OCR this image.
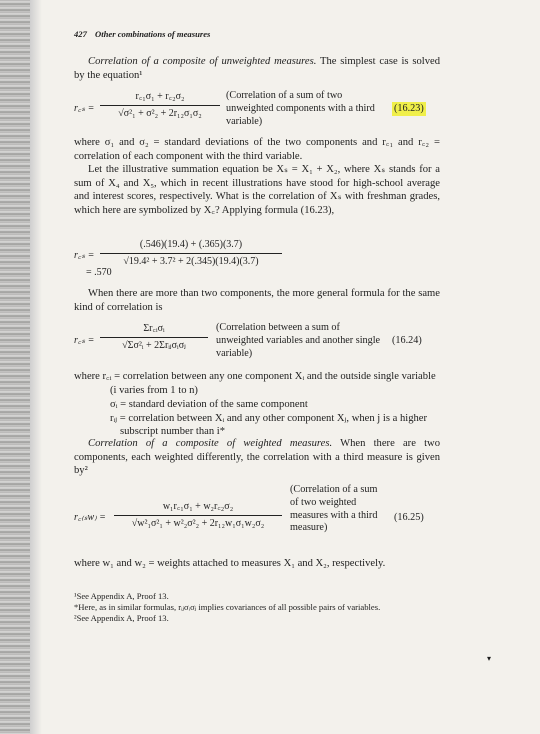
427 Other combinations of measures
Correlation of a composite of unweighted measures. The simplest case is solved by the equation¹
r꜀ₛ = $\frac{\text{r꜀₁σ₁ + r꜀₂σ₂}}{\text{√σ²₁ + σ²₂ + 2r₁₂σ₁σ₂}}$ (Correlation of a sum of two unweighted components with a third variable)
(16.23)
where σ₁ and σ₂ = standard deviations of the two components and r꜀₁ and r꜀₂ = correlation of each component with the third variable.
Let the illustrative summation equation be Xₛ = X₁ + X₂, where Xₛ stands for a sum of X₄ and X₅, which in recent illustrations have stood for high-school average and interest scores, respectively. What is the correlation of Xₛ with freshman grades, which here are symbolized by X꜀? Applying formula (16.23),
r꜀ₛ = $\frac{(.546)(19.4) + (.365)(3.7)}{\text{√19.4² + 3.7² + 2(.345)(19.4)(3.7)}}$
= .570
When there are more than two components, the more general formula for the same kind of correlation is
r꜀ₛ =
Σr꜀ᵢσᵢ
√Σσ²ᵢ + 2Σrᵢⱼσᵢσⱼ
(Correlation between a sum of unweighted variables and another single variable)
(16.24)
where r꜀ᵢ = correlation between any one component Xᵢ and the outside single variable (i varies from 1 to n)
σᵢ = standard deviation of the same component
rᵢⱼ = correlation between Xᵢ and any other component Xⱼ, when j is a higher subscript number than i*
Correlation of a composite of weighted measures. When there are two components, each weighted differently, the correlation with a third measure is given by²
r꜀₍ₛw₎ = $\frac{\text{w₁r꜀₁σ₁ + w₂r꜀₂σ₂}}{\text{√w²₁σ²₁ + w²₂σ²₂ + 2r₁₂w₁σ₁w₂σ₂}}$
(Correlation of a sum of two weighted measures with a third measure)
(16.25)
where w₁ and w₂ = weights attached to measures X₁ and X₂, respectively.
¹See Appendix A, Proof 13.
*Here, as in similar formulas, rᵢⱼσᵢσⱼ implies covariances of all possible pairs of variables.
²See Appendix A, Proof 13.
▾
